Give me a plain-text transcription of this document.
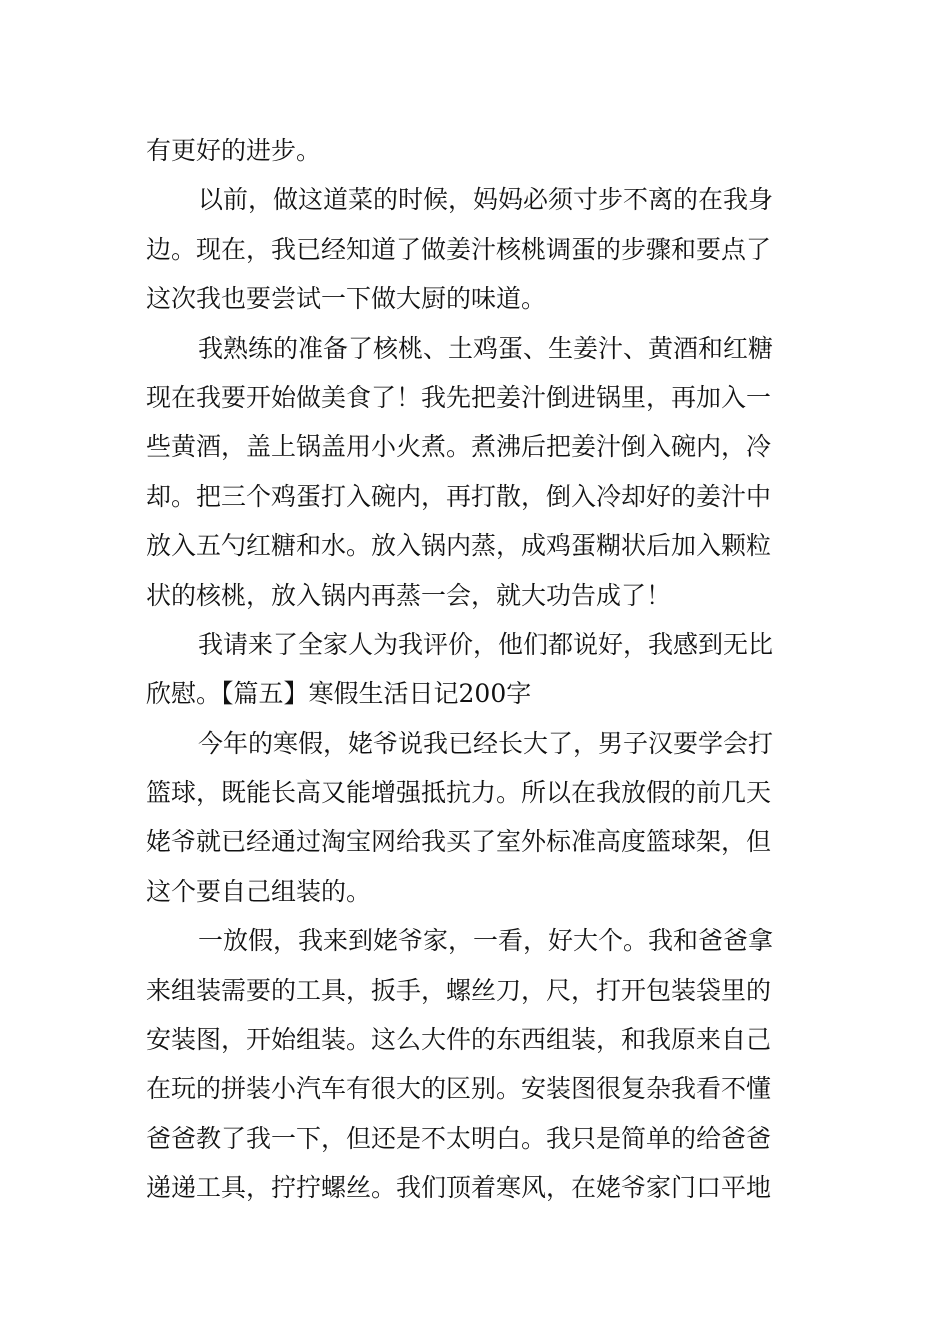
有更好的进步。
以前，做这道菜的时候，妈妈必须寸步不离的在我身
边。现在，我已经知道了做姜汁核桃调蛋的步骤和要点了
这次我也要尝试一下做大厨的味道。
我熟练的准备了核桃、土鸡蛋、生姜汁、黄酒和红糖
现在我要开始做美食了！我先把姜汁倒进锅里，再加入一
些黄酒，盖上锅盖用小火煮。煮沸后把姜汁倒入碗内，冷
却。把三个鸡蛋打入碗内，再打散，倒入冷却好的姜汁中
放入五勺红糖和水。放入锅内蒸，成鸡蛋糊状后加入颗粒
状的核桃，放入锅内再蒸一会，就大功告成了！
我请来了全家人为我评价，他们都说好，我感到无比
欣慰。【篇五】寒假生活日记200字
今年的寒假，姥爷说我已经长大了，男子汉要学会打
篮球，既能长高又能增强抵抗力。所以在我放假的前几天
姥爷就已经通过淘宝网给我买了室外标准高度篮球架，但
这个要自己组装的。
一放假，我来到姥爷家，一看，好大个。我和爸爸拿
来组装需要的工具，扳手，螺丝刀，尺，打开包装袋里的
安装图，开始组装。这么大件的东西组装，和我原来自己
在玩的拼装小汽车有很大的区别。安装图很复杂我看不懂
爸爸教了我一下，但还是不太明白。我只是简单的给爸爸
递递工具，拧拧螺丝。我们顶着寒风，在姥爷家门口平地
